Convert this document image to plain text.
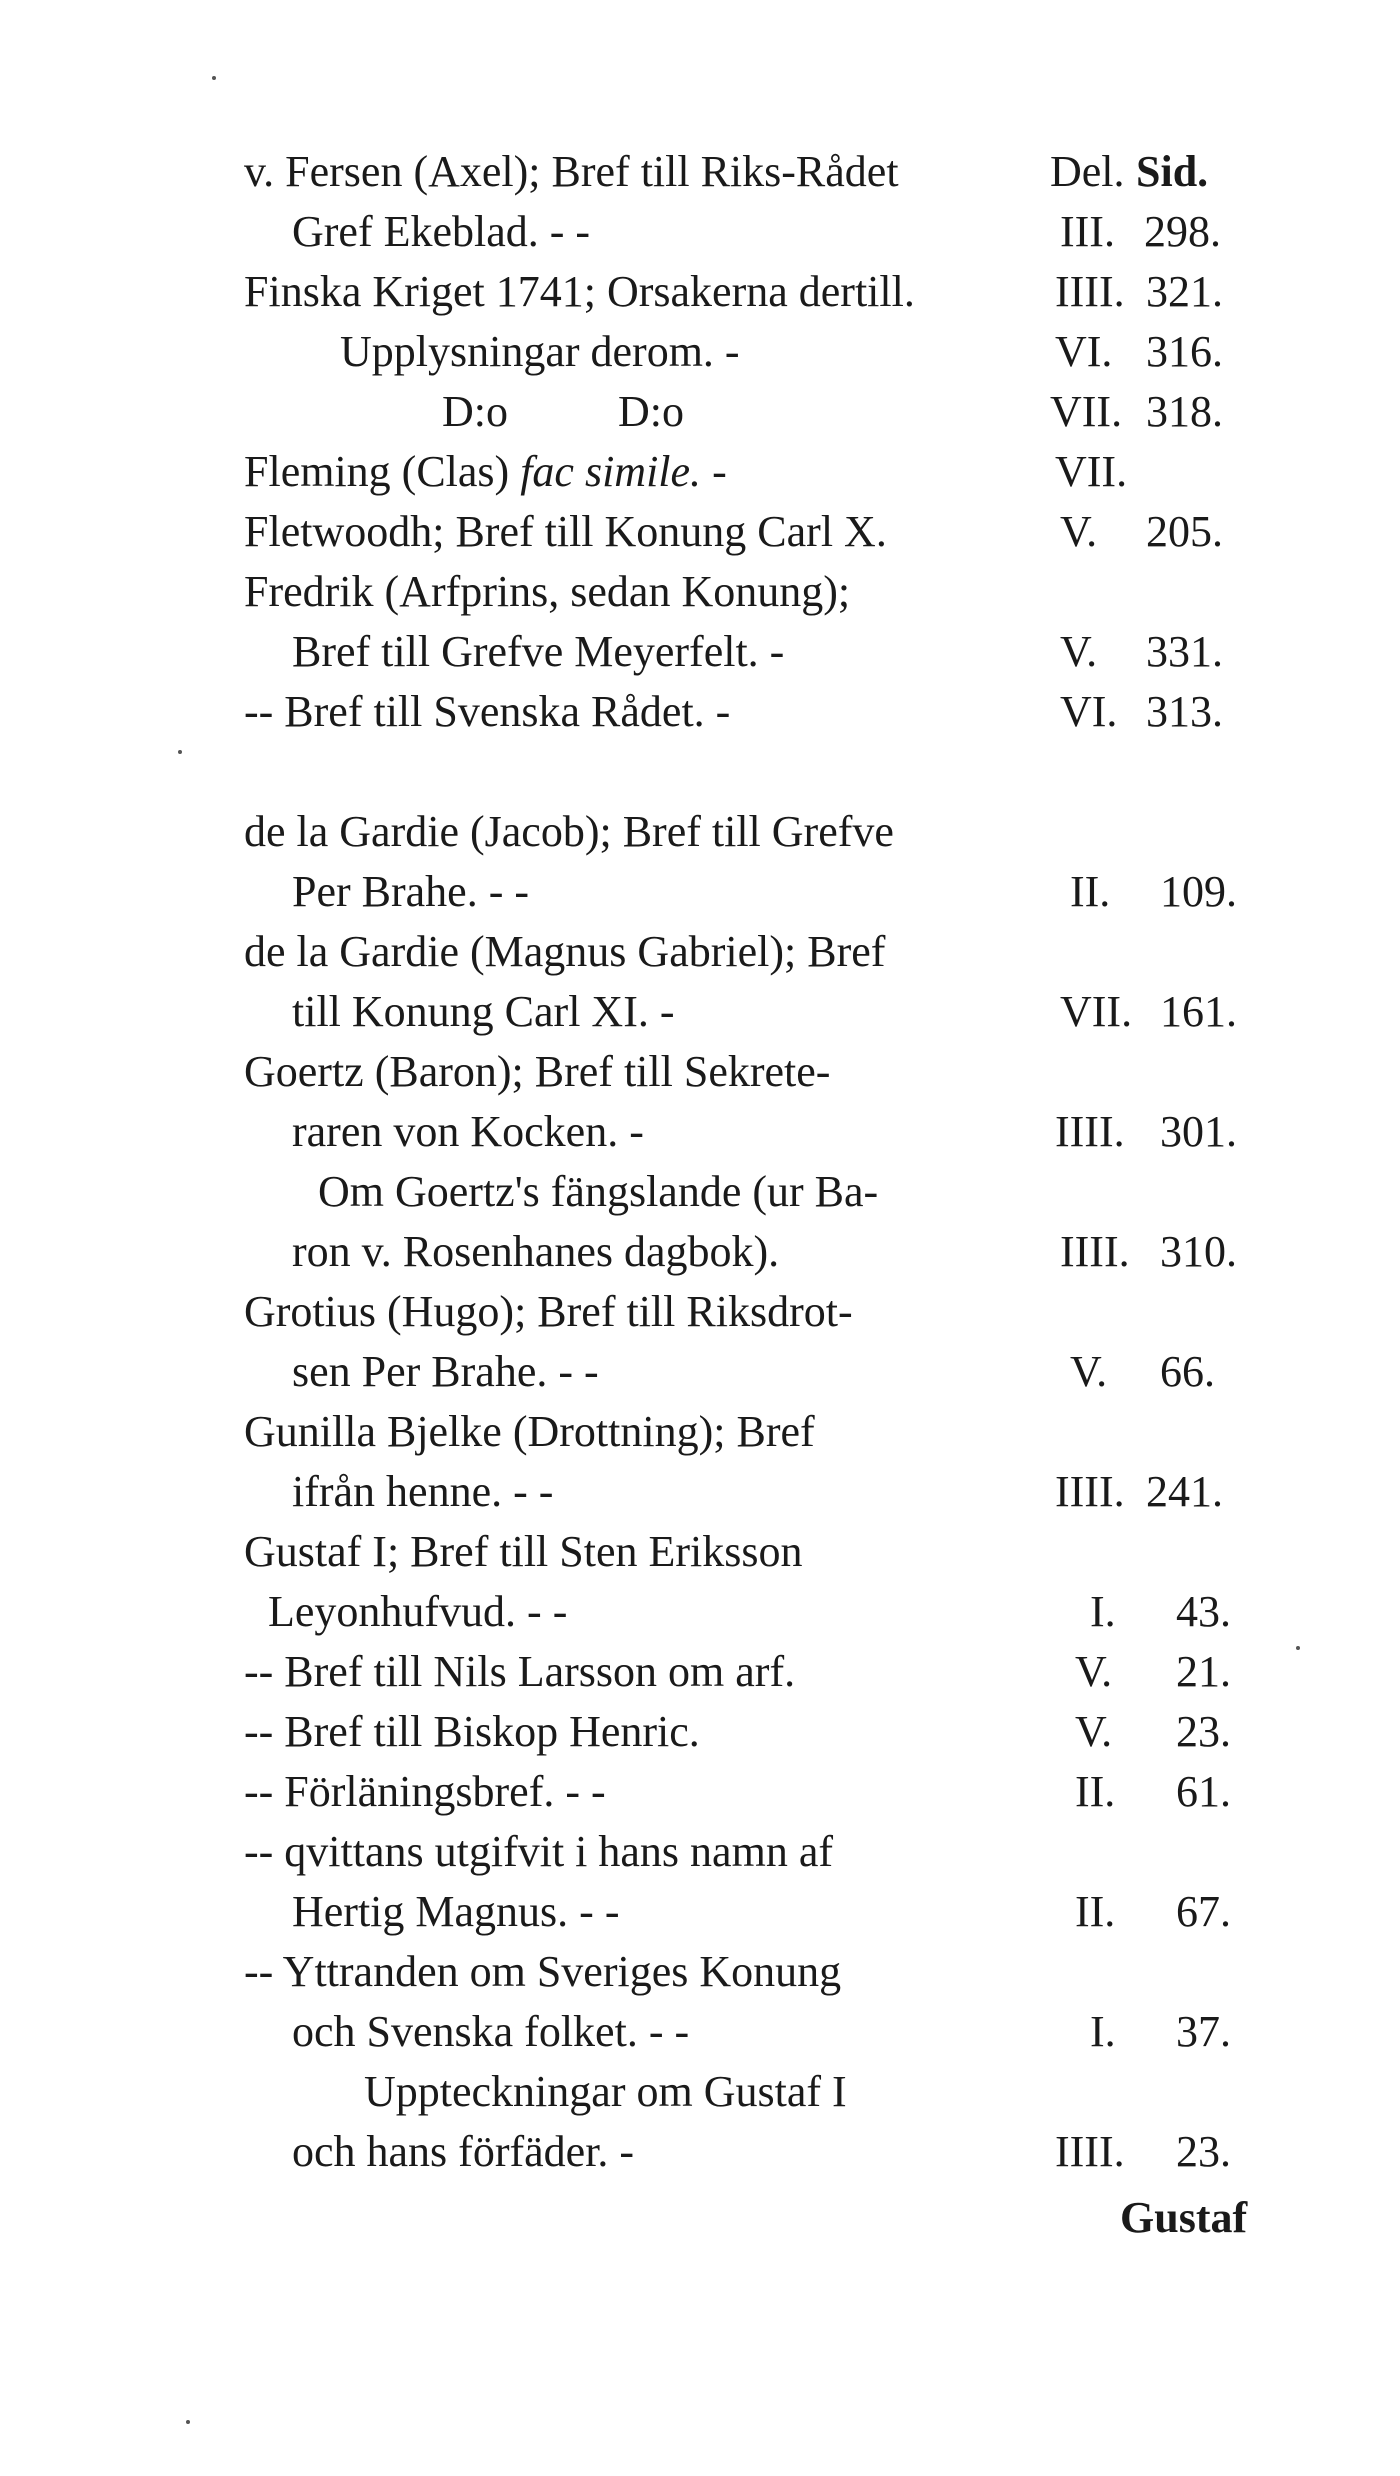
v. Fersen (Axel); Bref till Riks-Rådet	Del. Sid.
Gref Ekeblad. - -	III. 298.
Finska Kriget 1741; Orsakerna dertill.	IIII. 321.
Upplysningar derom. -	VI. 316.
D:o          D:o	VII. 318.
Fleming (Clas) fac simile. -	VII.
Fletwoodh; Bref till Konung Carl X.	V. 205.
Fredrik (Arfprins, sedan Konung);
Bref till Grefve Meyerfelt. -	V. 331.
-- Bref till Svenska Rådet. -	VI. 313.
de la Gardie (Jacob); Bref till Grefve
Per Brahe. - -	II. 109.
de la Gardie (Magnus Gabriel); Bref
till Konung Carl XI. -	VII. 161.
Goertz (Baron); Bref till Sekrete-
raren von Kocken. -	IIII. 301.
Om Goertz's fängslande (ur Ba-
ron v. Rosenhanes dagbok).	IIII. 310.
Grotius (Hugo); Bref till Riksdrot-
sen Per Brahe. - -	V. 66.
Gunilla Bjelke (Drottning); Bref
ifrån henne. - -	IIII. 241.
Gustaf I; Bref till Sten Eriksson
Leyonhufvud. - -	I. 43.
-- Bref till Nils Larsson om arf.	V. 21.
-- Bref till Biskop Henric.	V. 23.
-- Förläningsbref. - -	II. 61.
-- qvittans utgifvit i hans namn af
Hertig Magnus. - -	II. 67.
-- Yttranden om Sveriges Konung
och Svenska folket. - -	I. 37.
Uppteckningar om Gustaf I
och hans förfäder. -	IIII. 23.
Gustaf
